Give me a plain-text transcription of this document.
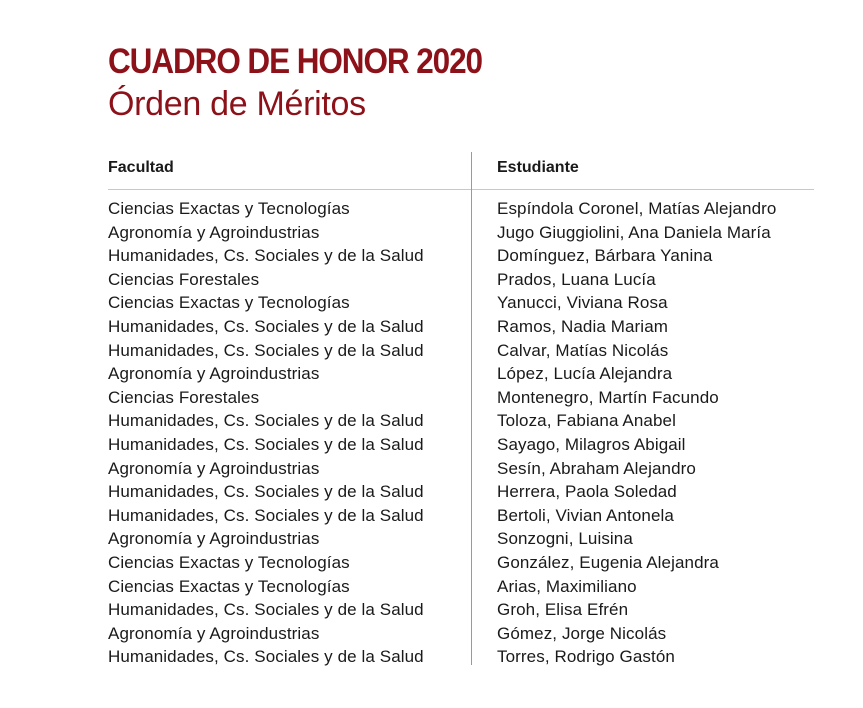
CUADRO DE HONOR 2020
Órden de Méritos
Facultad	Estudiante
Ciencias Exactas y Tecnologías	Espíndola Coronel, Matías Alejandro
Agronomía y Agroindustrias	Jugo Giuggiolini, Ana Daniela María
Humanidades, Cs. Sociales y de la Salud	Domínguez, Bárbara Yanina
Ciencias Forestales	Prados, Luana Lucía
Ciencias Exactas y Tecnologías	Yanucci, Viviana Rosa
Humanidades, Cs. Sociales y de la Salud	Ramos, Nadia Mariam
Humanidades, Cs. Sociales y de la Salud	Calvar, Matías Nicolás
Agronomía y Agroindustrias	López, Lucía Alejandra
Ciencias Forestales	Montenegro, Martín Facundo
Humanidades, Cs. Sociales y de la Salud	Toloza, Fabiana Anabel
Humanidades, Cs. Sociales y de la Salud	Sayago, Milagros Abigail
Agronomía y Agroindustrias	Sesín, Abraham Alejandro
Humanidades, Cs. Sociales y de la Salud	Herrera, Paola Soledad
Humanidades, Cs. Sociales y de la Salud	Bertoli, Vivian Antonela
Agronomía y Agroindustrias	Sonzogni, Luisina
Ciencias Exactas y Tecnologías	González, Eugenia Alejandra
Ciencias Exactas y Tecnologías	Arias, Maximiliano
Humanidades, Cs. Sociales y de la Salud	Groh, Elisa Efrén
Agronomía y Agroindustrias	Gómez, Jorge Nicolás
Humanidades, Cs. Sociales y de la Salud	Torres, Rodrigo Gastón
